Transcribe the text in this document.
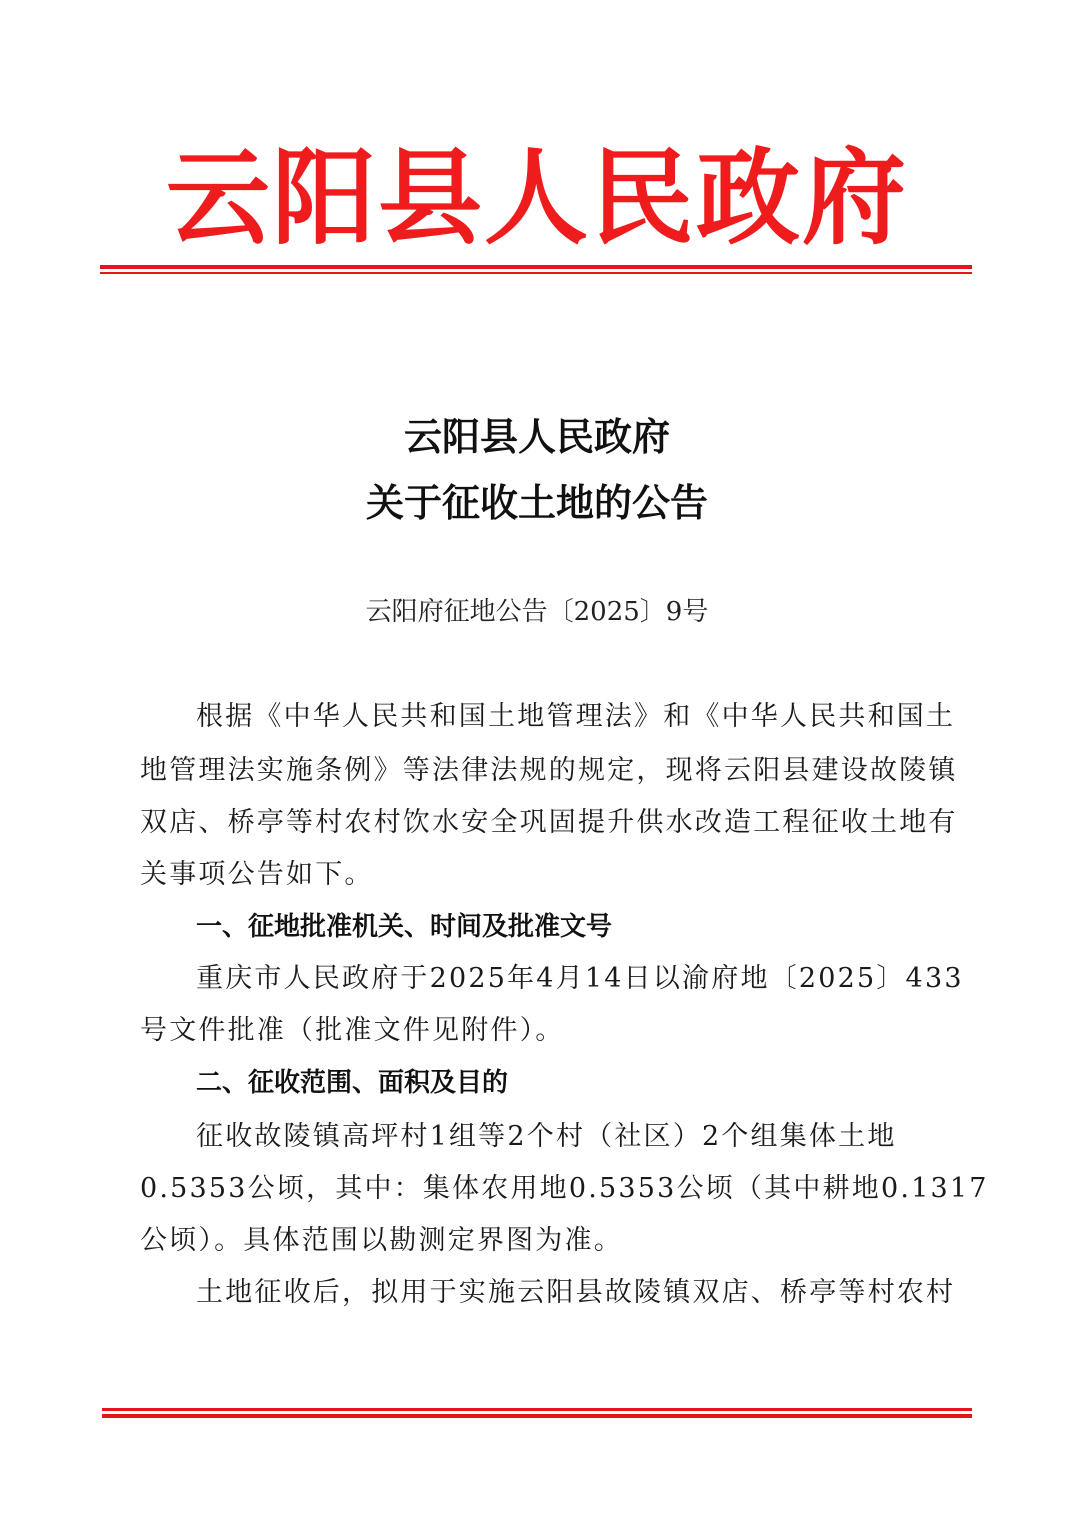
云阳县人民政府
云阳县人民政府
关于征收土地的公告
云阳府征地公告〔2025〕9号
根据《中华人民共和国土地管理法》和《中华人民共和国土
地管理法实施条例》等法律法规的规定，现将云阳县建设故陵镇
双店、桥亭等村农村饮水安全巩固提升供水改造工程征收土地有
关事项公告如下。
一、征地批准机关、时间及批准文号
重庆市人民政府于2025年4月14日以渝府地〔2025〕433
号文件批准（批准文件见附件）。
二、征收范围、面积及目的
征收故陵镇高坪村1组等2个村（社区）2个组集体土地
0.5353公顷，其中：集体农用地0.5353公顷（其中耕地0.1317
公顷）。具体范围以勘测定界图为准。
土地征收后，拟用于实施云阳县故陵镇双店、桥亭等村农村
